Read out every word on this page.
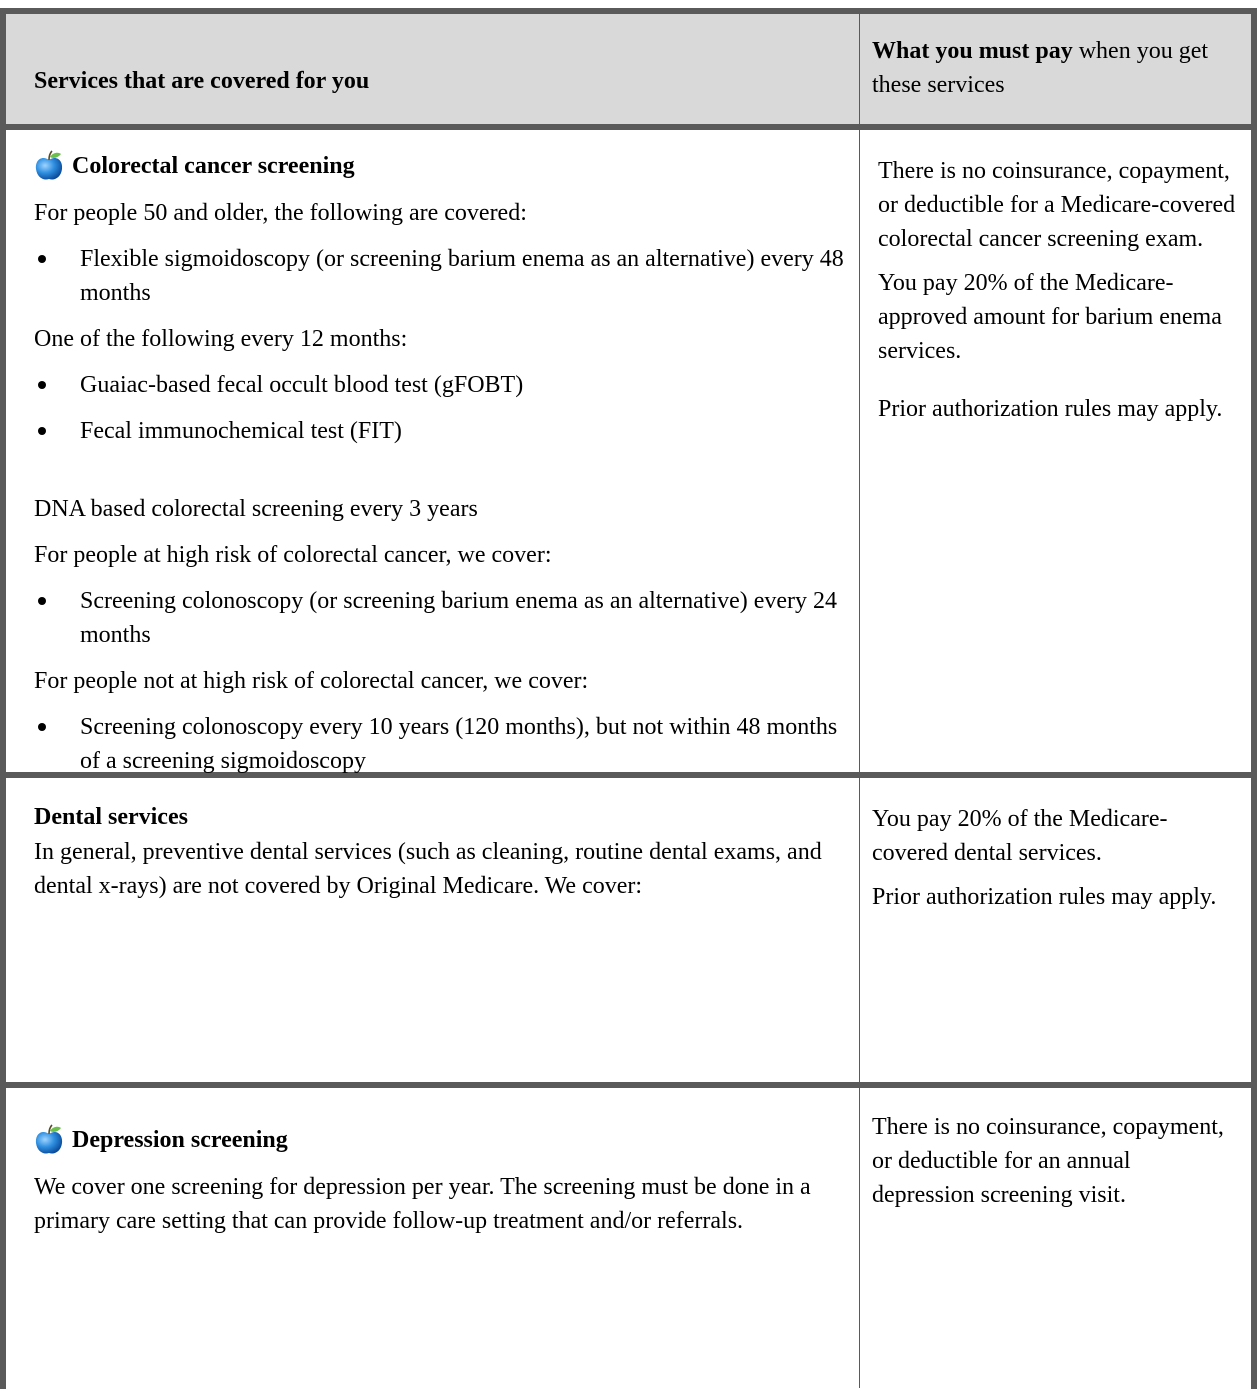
Services that are covered for you
What you must pay when you get these services
Colorectal cancer screening

For people 50 and older, the following are covered:

Flexible sigmoidoscopy (or screening barium enema as an alternative) every 48 months

One of the following every 12 months:

Guaiac-based fecal occult blood test (gFOBT)
Fecal immunochemical test (FIT)

DNA based colorectal screening every 3 years

For people at high risk of colorectal cancer, we cover:

Screening colonoscopy (or screening barium enema as an alternative) every 24 months

For people not at high risk of colorectal cancer, we cover:

Screening colonoscopy every 10 years (120 months), but not within 48 months of a screening sigmoidoscopy

There is no coinsurance, copayment, or deductible for a Medicare-covered colorectal cancer screening exam.

You pay 20% of the Medicare-approved amount for barium enema services.

Prior authorization rules may apply.

Dental services

In general, preventive dental services (such as cleaning, routine dental exams, and dental x-rays) are not covered by Original Medicare. We cover:

You pay 20% of the Medicare-covered dental services.

Prior authorization rules may apply.

Depression screening

We cover one screening for depression per year. The screening must be done in a primary care setting that can provide follow-up treatment and/or referrals.

There is no coinsurance, copayment, or deductible for an annual depression screening visit.
